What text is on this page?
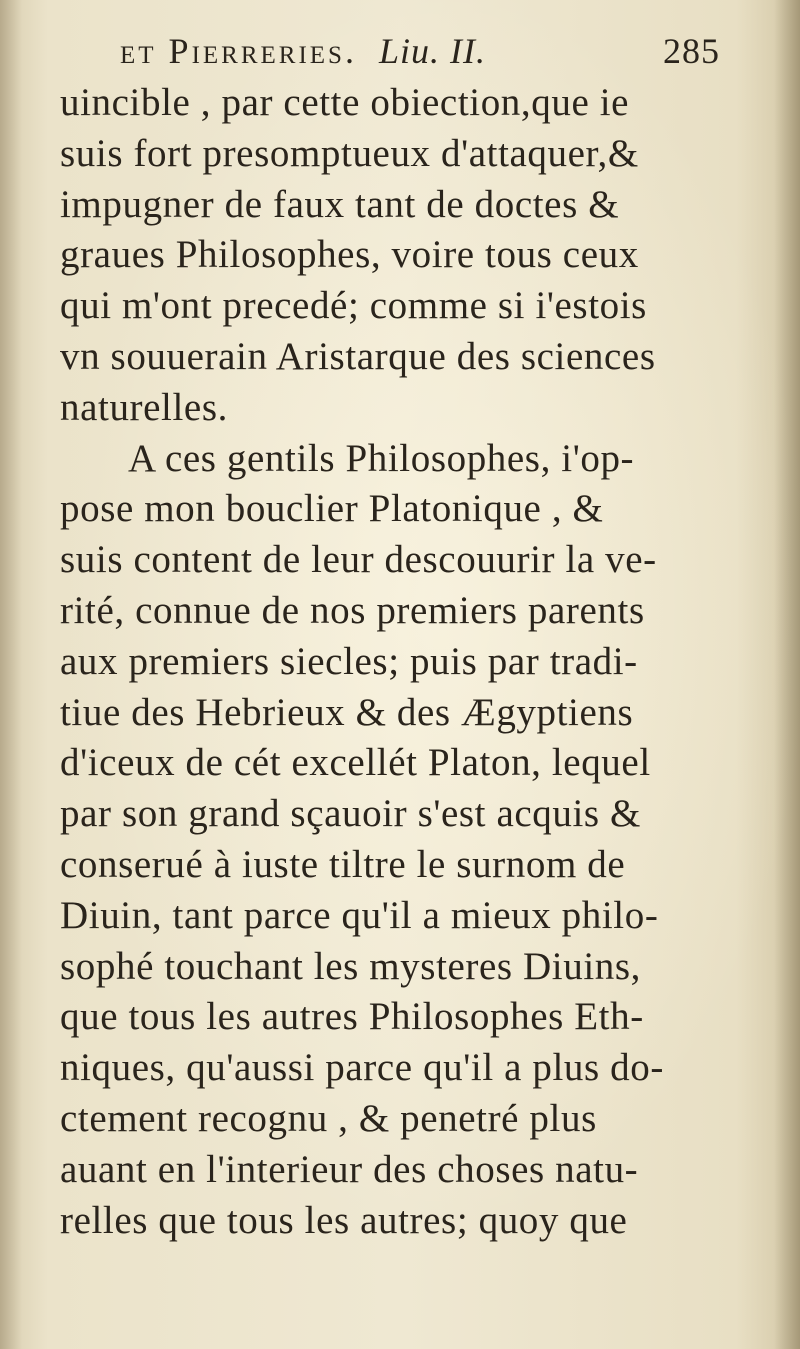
et Pierreries. Liu. II.	285
uincible , par cette obiection,que ie
suis fort presomptueux d'attaquer,&
impugner de faux tant de doctes &
graues Philosophes, voire tous ceux
qui m'ont precedé; comme si i'estois
vn souuerain Aristarque des sciences
naturelles.
A ces gentils Philosophes, i'op-
pose mon bouclier Platonique , &
suis content de leur descouurir la ve-
rité, connue de nos premiers parents
aux premiers siecles; puis par tradi-
tiue des Hebrieux & des Ægyptiens
d'iceux de cét excellét Platon, lequel
par son grand sçauoir s'est acquis &
conserué à iuste tiltre le surnom de
Diuin, tant parce qu'il a mieux philo-
sophé touchant les mysteres Diuins,
que tous les autres Philosophes Eth-
niques, qu'aussi parce qu'il a plus do-
ctement recognu , & penetré plus
auant en l'interieur des choses natu-
relles que tous les autres; quoy que
